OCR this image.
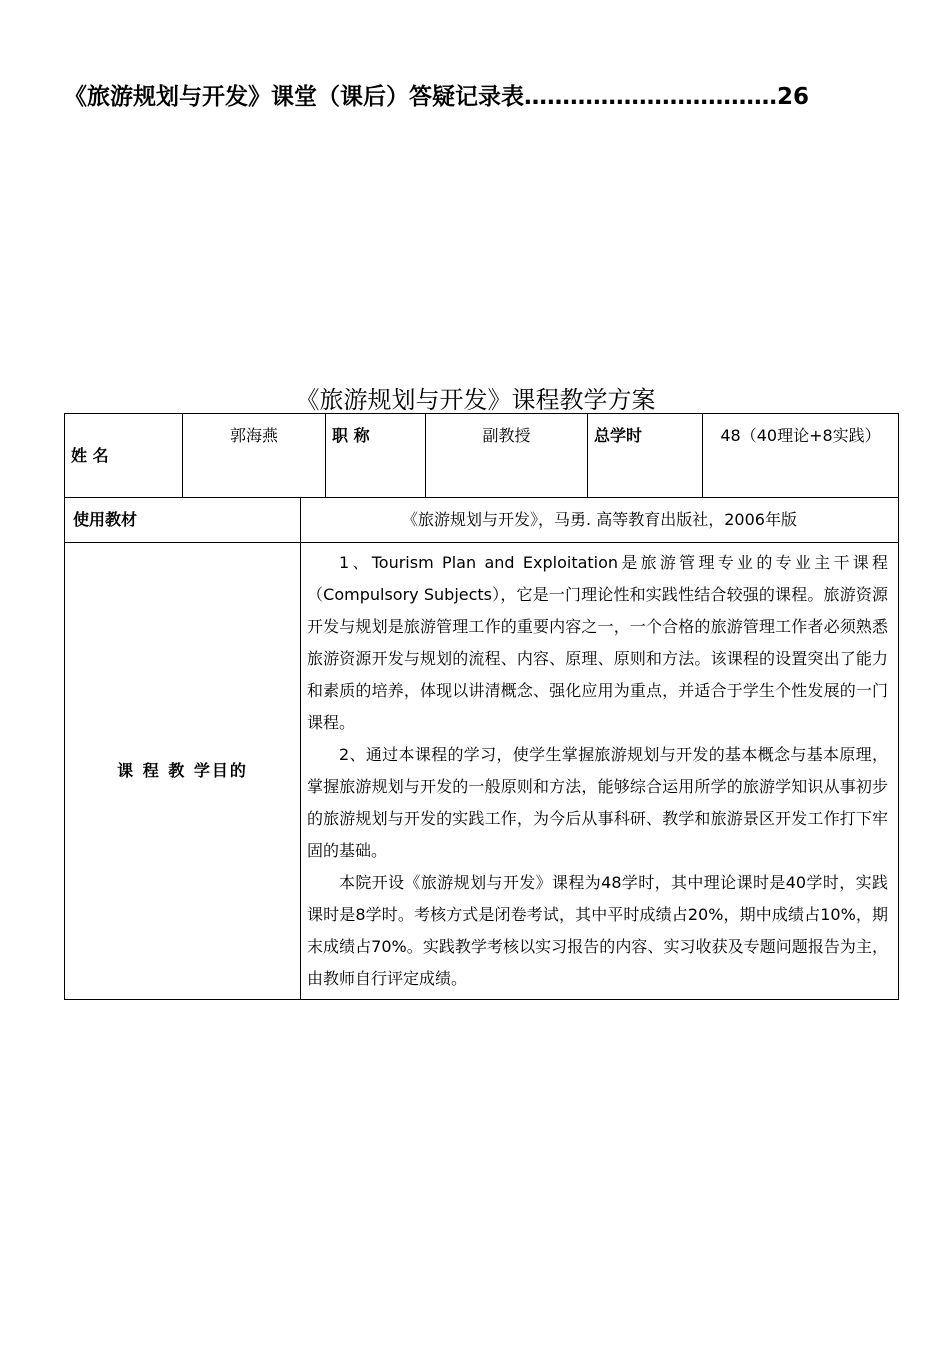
《旅游规划与开发》课堂（课后）答疑记录表……………………………26
《旅游规划与开发》课程教学方案
姓 名	郭海燕		职 称	副教授	总学时	48（40理论+8实践）
使用教材		《旅游规划与开发》，马勇. 高等教育出版社，2006年版				
课 程 教 学目的		1、Tourism Plan and Exploitation是旅游管理专业的专业主干课程（Compulsory Subjects），它是一门理论性和实践性结合较强的课程。旅游资源开发与规划是旅游管理工作的重要内容之一，一个合格的旅游管理工作者必须熟悉旅游资源开发与规划的流程、内容、原理、原则和方法。该课程的设置突出了能力和素质的培养，体现以讲清概念、强化应用为重点，并适合于学生个性发展的一门课程。

2、通过本课程的学习，使学生掌握旅游规划与开发的基本概念与基本原理，掌握旅游规划与开发的一般原则和方法，能够综合运用所学的旅游学知识从事初步的旅游规划与开发的实践工作，为今后从事科研、教学和旅游景区开发工作打下牢固的基础。

本院开设《旅游规划与开发》课程为48学时，其中理论课时是40学时，实践课时是8学时。考核方式是闭卷考试，其中平时成绩占20%，期中成绩占10%，期末成绩占70%。实践教学考核以实习报告的内容、实习收获及专题问题报告为主，由教师自行评定成绩。				
